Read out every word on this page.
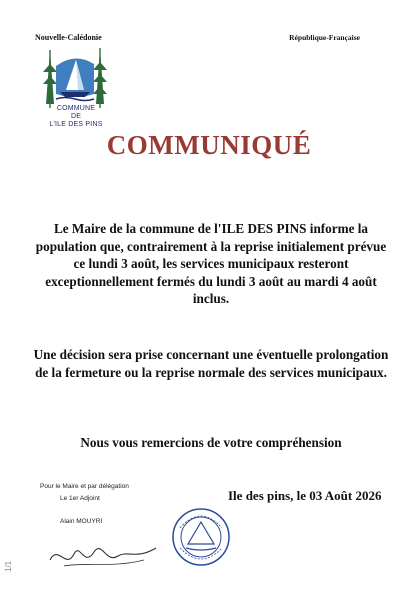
Nouvelle-Calédonie	République-Française
COMMUNE
DE
L'ILE DES PINS
COMMUNIQUÉ
Le Maire de la commune de l'ILE DES PINS informe la population que, contrairement à la reprise initialement prévue ce lundi 3 août, les services municipaux resteront exceptionnellement fermés du lundi 3 août au mardi 4 août inclus.
Une décision sera prise concernant une éventuelle prolongation de la fermeture ou la reprise normale des services municipaux.
Nous vous remercions de votre compréhension
Pour le Maire et par délégation
Le 1er Adjoint
Alain MOUYRI
Ile des pins, le 03 Août 2026
1/1
